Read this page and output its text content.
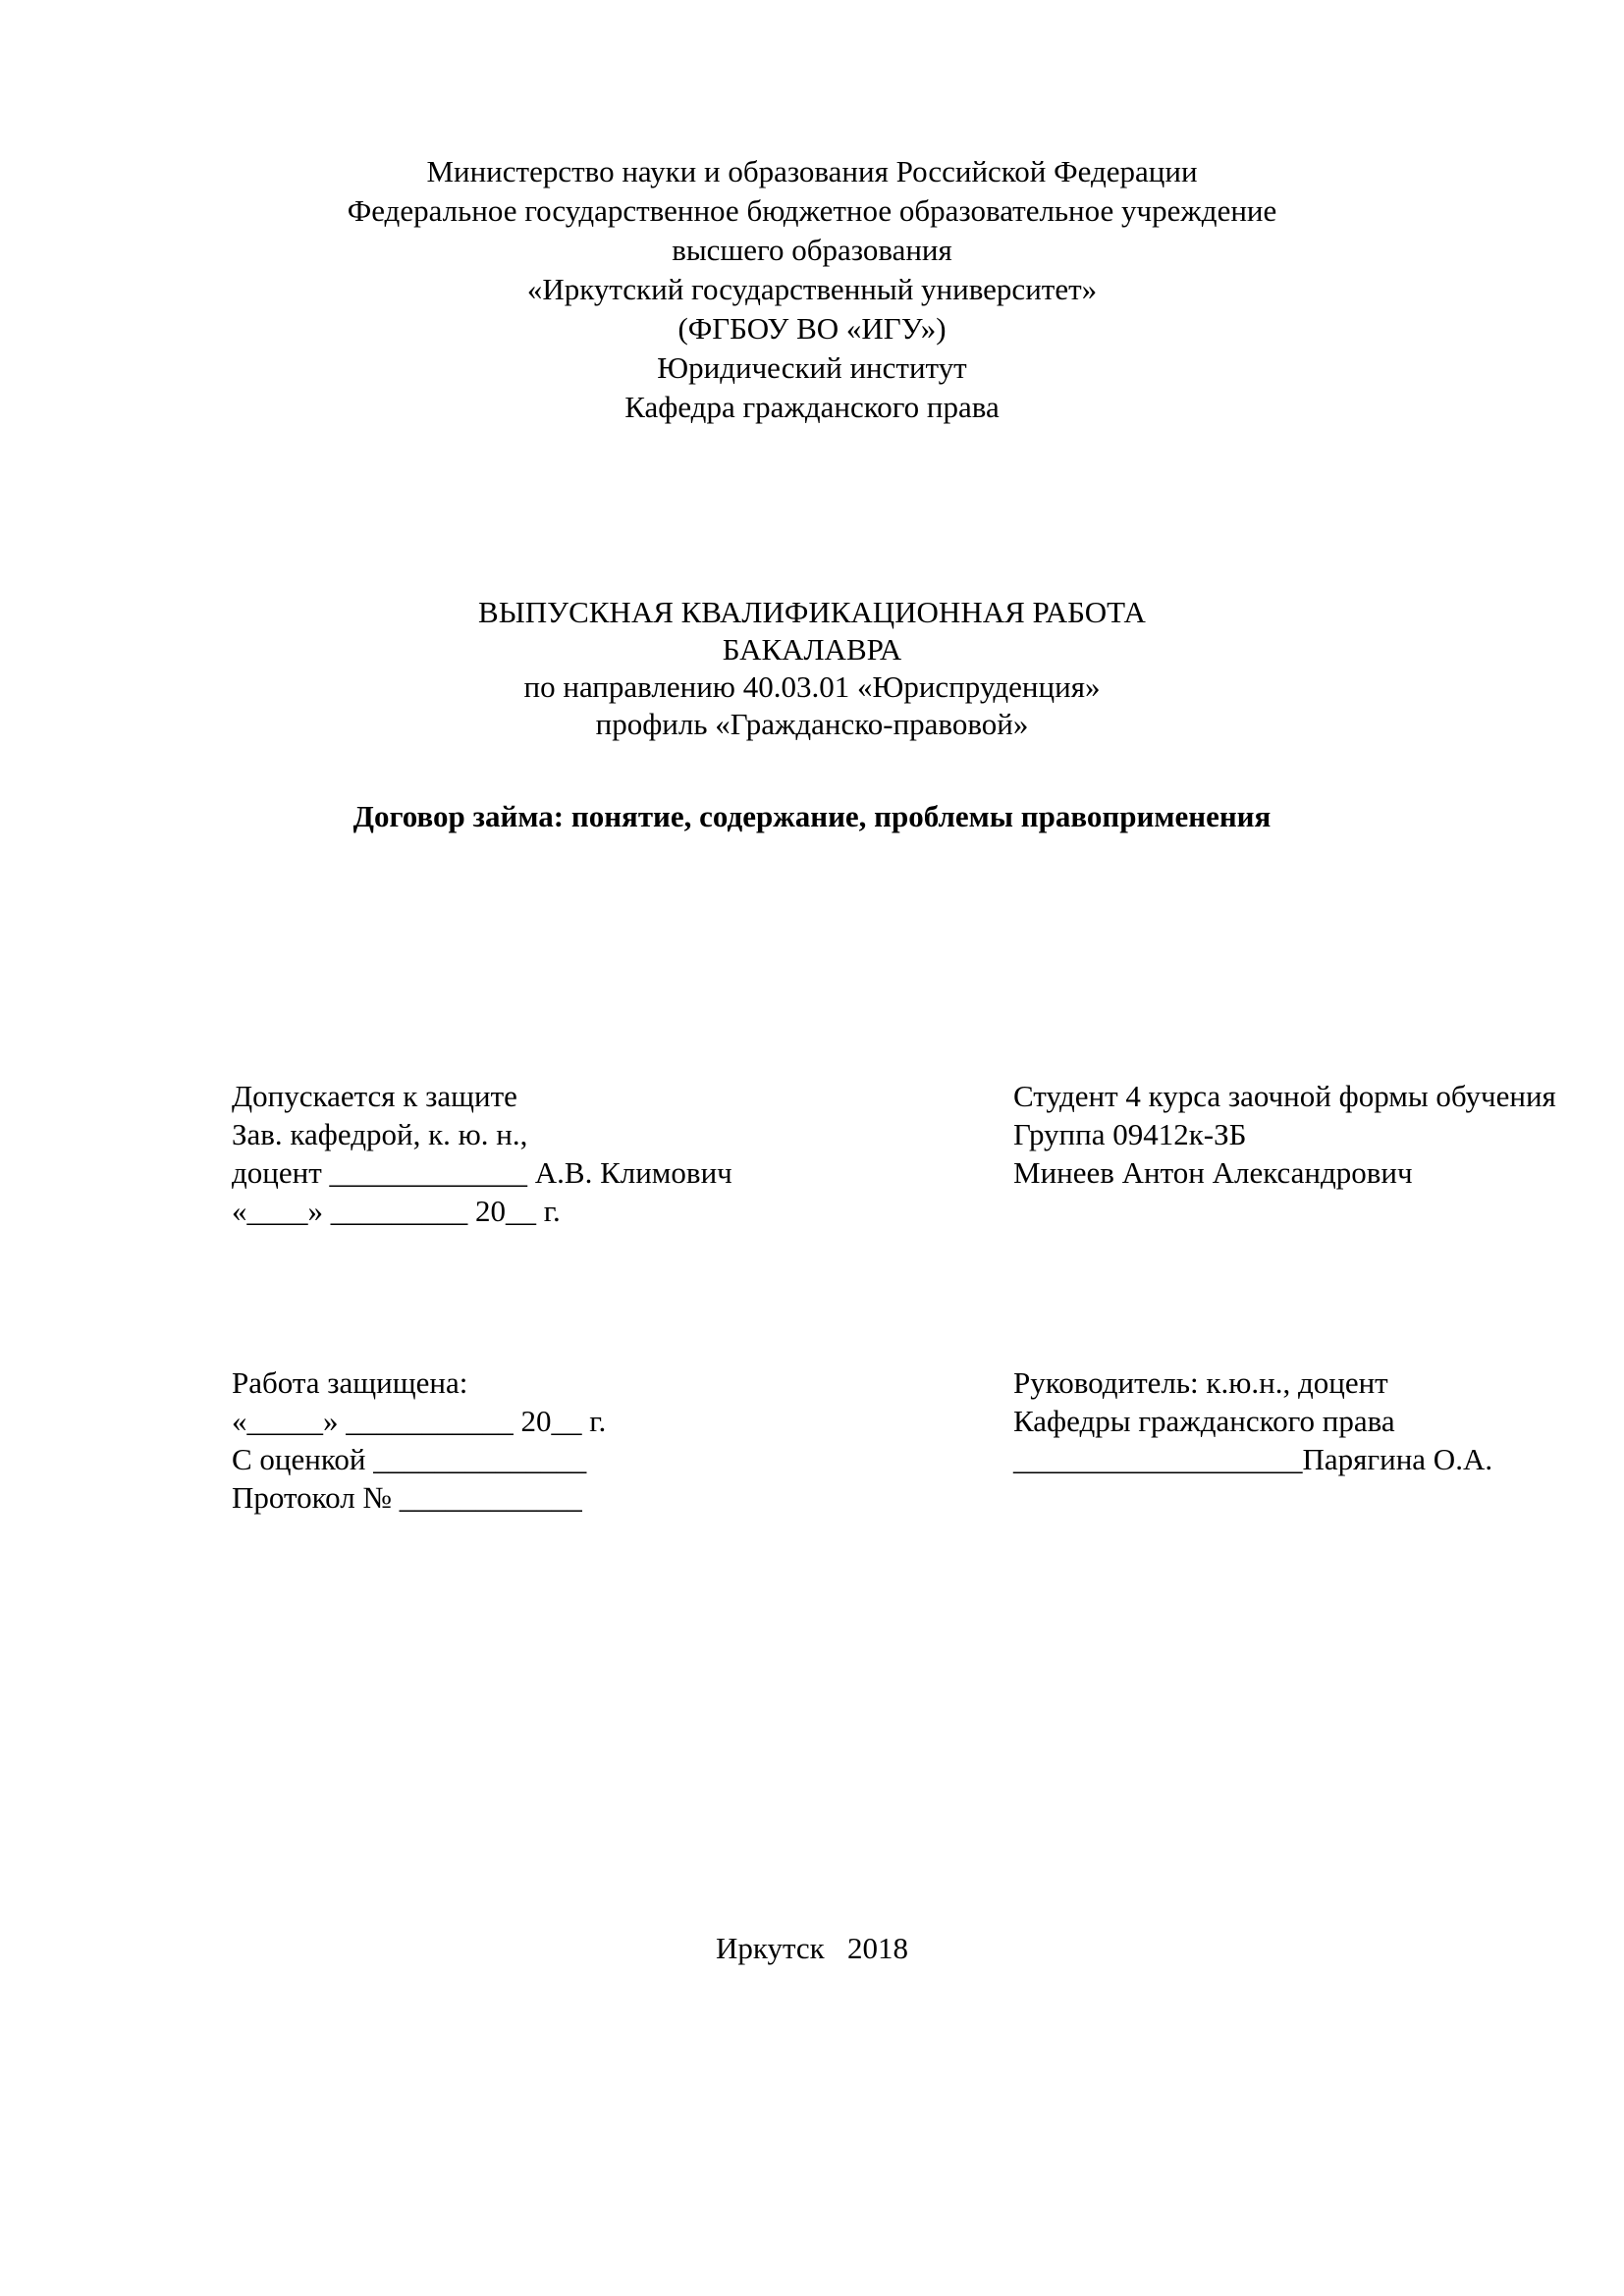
Министерство науки и образования Российской Федерации
Федеральное государственное бюджетное образовательное учреждение
высшего образования
«Иркутский государственный университет»
(ФГБОУ ВО «ИГУ»)
Юридический институт
Кафедра гражданского права
ВЫПУСКНАЯ КВАЛИФИКАЦИОННАЯ РАБОТА
БАКАЛАВРА
по направлению 40.03.01 «Юриспруденция»
профиль «Гражданско-правовой»
Договор займа: понятие, содержание, проблемы правоприменения
Допускается к защите
Зав. кафедрой, к. ю. н.,
доцент _____________ А.В. Климович
«____» _________ 20__ г.
Студент 4 курса заочной формы обучения
Группа 09412к-ЗБ
Минеев Антон Александрович
Работа защищена:
«_____» ___________ 20__ г.
С оценкой ______________
Протокол № ____________
Руководитель: к.ю.н., доцент
Кафедры гражданского права
___________________Парягина О.А.
Иркутск   2018
